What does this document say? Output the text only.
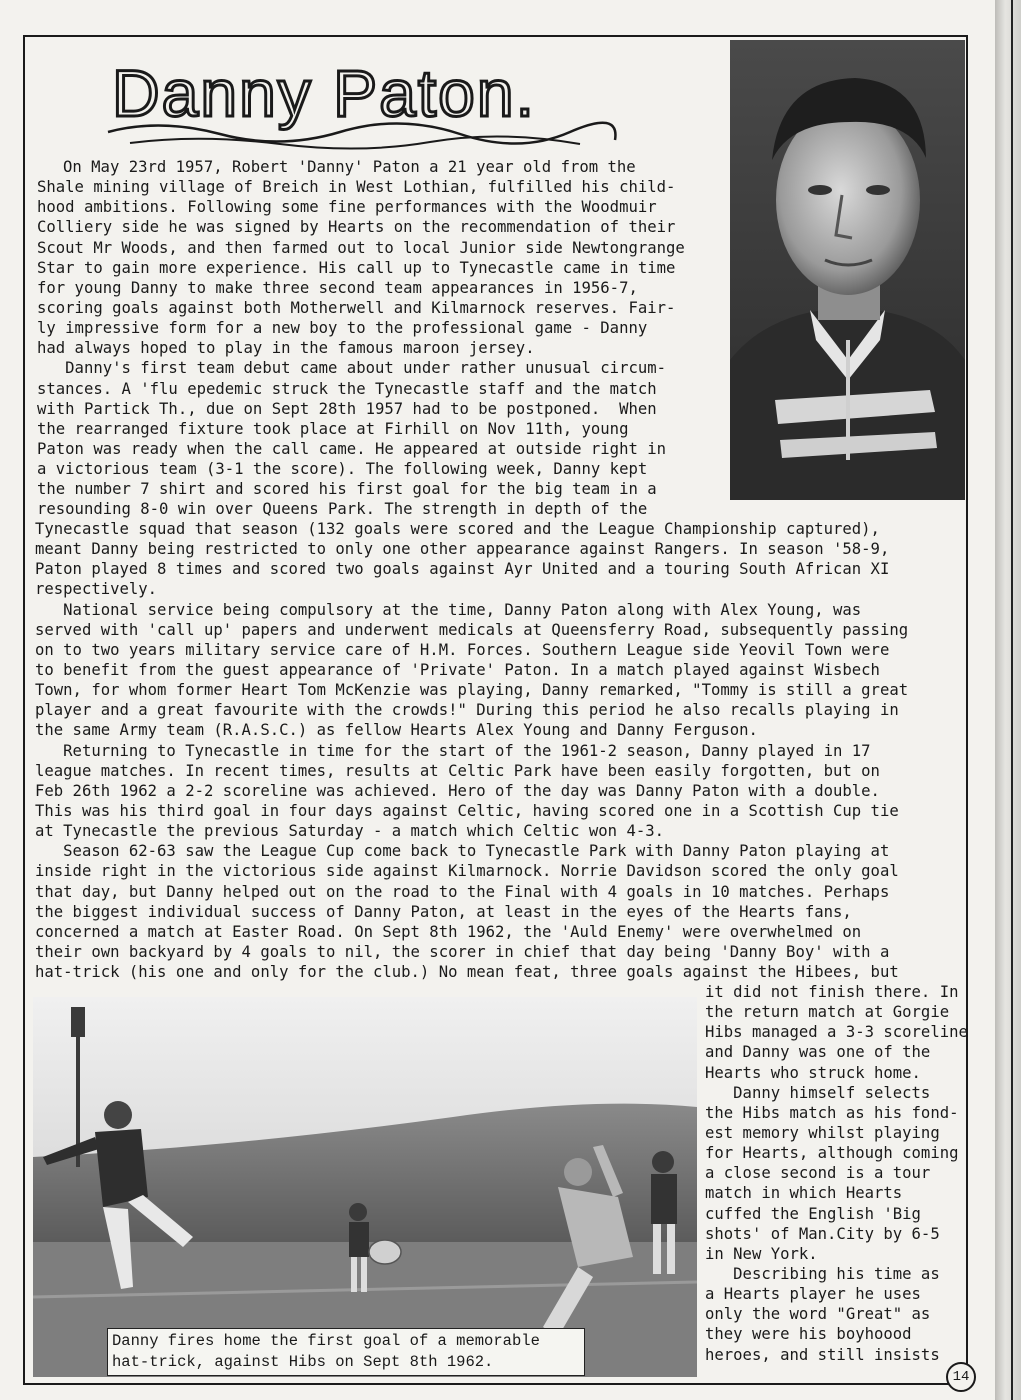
Danny Paton.
On May 23rd 1957, Robert 'Danny' Paton a 21 year old from the
Shale mining village of Breich in West Lothian, fulfilled his child-
hood ambitions. Following some fine performances with the Woodmuir
Colliery side he was signed by Hearts on the recommendation of their
Scout Mr Woods, and then farmed out to local Junior side Newtongrange
Star to gain more experience. His call up to Tynecastle came in time
for young Danny to make three second team appearances in 1956-7,
scoring goals against both Motherwell and Kilmarnock reserves. Fair-
ly impressive form for a new boy to the professional game - Danny
had always hoped to play in the famous maroon jersey.
Danny's first team debut came about under rather unusual circum-
stances. A 'flu epedemic struck the Tynecastle staff and the match
with Partick Th., due on Sept 28th 1957 had to be postponed.  When
the rearranged fixture took place at Firhill on Nov 11th, young
Paton was ready when the call came. He appeared at outside right in
a victorious team (3-1 the score). The following week, Danny kept
the number 7 shirt and scored his first goal for the big team in a
resounding 8-0 win over Queens Park. The strength in depth of the
Tynecastle squad that season (132 goals were scored and the League Championship captured),
meant Danny being restricted to only one other appearance against Rangers. In season '58-9,
Paton played 8 times and scored two goals against Ayr United and a touring South African XI
respectively.
National service being compulsory at the time, Danny Paton along with Alex Young, was
served with 'call up' papers and underwent medicals at Queensferry Road, subsequently passing
on to two years military service care of H.M. Forces. Southern League side Yeovil Town were
to benefit from the guest appearance of 'Private' Paton. In a match played against Wisbech
Town, for whom former Heart Tom McKenzie was playing, Danny remarked, "Tommy is still a great
player and a great favourite with the crowds!" During this period he also recalls playing in
the same Army team (R.A.S.C.) as fellow Hearts Alex Young and Danny Ferguson.
Returning to Tynecastle in time for the start of the 1961-2 season, Danny played in 17
league matches. In recent times, results at Celtic Park have been easily forgotten, but on
Feb 26th 1962 a 2-2 scoreline was achieved. Hero of the day was Danny Paton with a double.
This was his third goal in four days against Celtic, having scored one in a Scottish Cup tie
at Tynecastle the previous Saturday - a match which Celtic won 4-3.
Season 62-63 saw the League Cup come back to Tynecastle Park with Danny Paton playing at
inside right in the victorious side against Kilmarnock. Norrie Davidson scored the only goal
that day, but Danny helped out on the road to the Final with 4 goals in 10 matches. Perhaps
the biggest individual success of Danny Paton, at least in the eyes of the Hearts fans,
concerned a match at Easter Road. On Sept 8th 1962, the 'Auld Enemy' were overwhelmed on
their own backyard by 4 goals to nil, the scorer in chief that day being 'Danny Boy' with a
hat-trick (his one and only for the club.) No mean feat, three goals against the Hibees, but
it did not finish there. In
the return match at Gorgie
Hibs managed a 3-3 scoreline
and Danny was one of the
Hearts who struck home.
Danny himself selects
the Hibs match as his fond-
est memory whilst playing
for Hearts, although coming
a close second is a tour
match in which Hearts
cuffed the English 'Big
shots' of Man.City by 6-5
in New York.
Describing his time as
a Hearts player he uses
only the word "Great" as
they were his boyhoood
heroes, and still insists
Danny fires home the first goal of a memorable
hat-trick, against Hibs on Sept 8th 1962.
14
